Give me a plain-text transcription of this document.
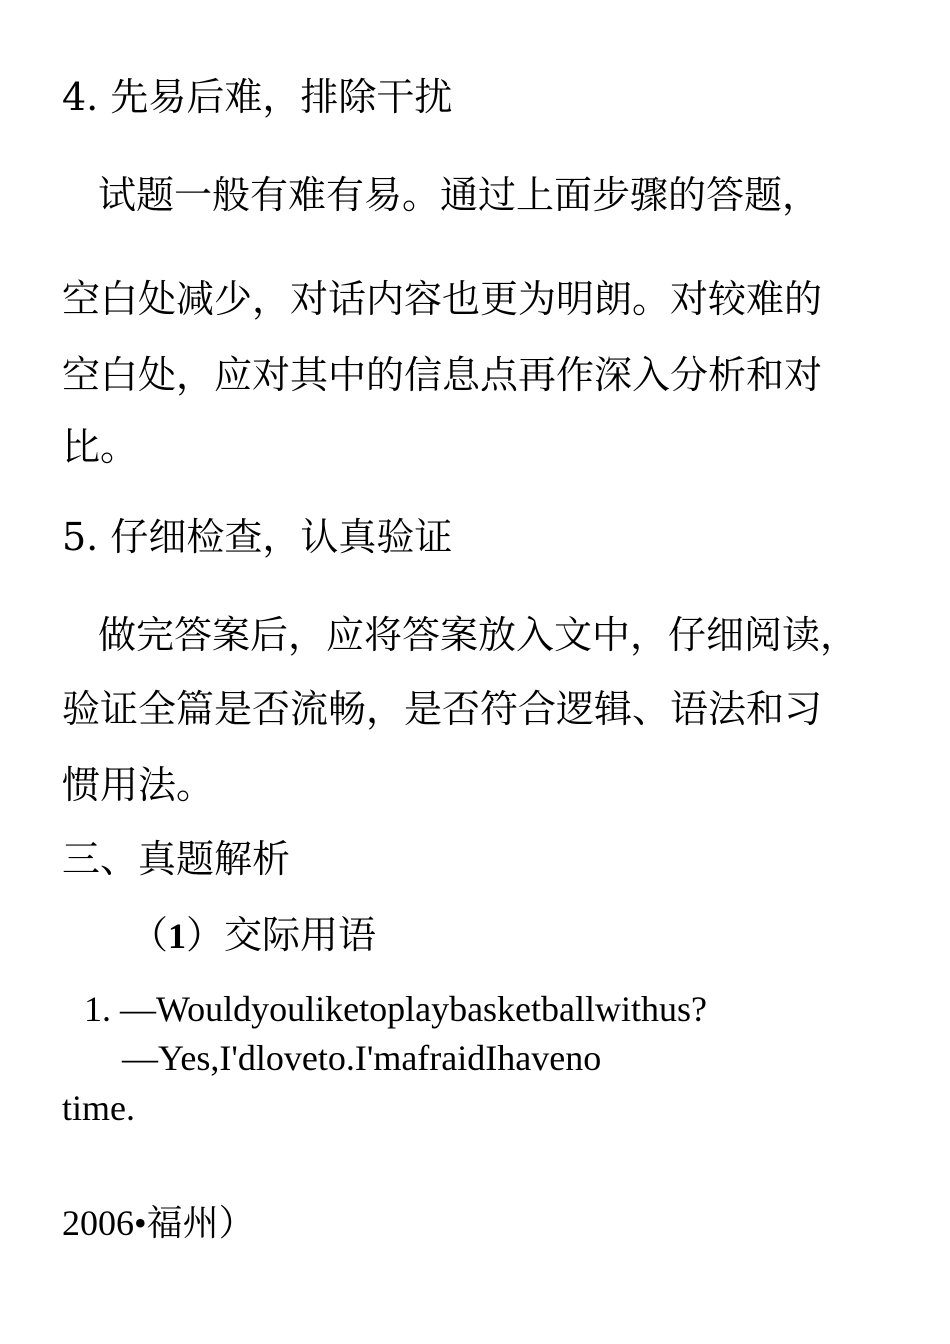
4. 先易后难，排除干扰
试题一般有难有易。通过上面步骤的答题，
空白处减少，对话内容也更为明朗。对较难的
空白处，应对其中的信息点再作深入分析和对
比。
5. 仔细检查，认真验证
做完答案后，应将答案放入文中，仔细阅读，
验证全篇是否流畅，是否符合逻辑、语法和习
惯用法。
三、真题解析
（1）交际用语
1. —Wouldyouliketoplaybasketballwithus?
—Yes,I'dloveto.I'mafraidIhaveno
time.
2006•福州）
